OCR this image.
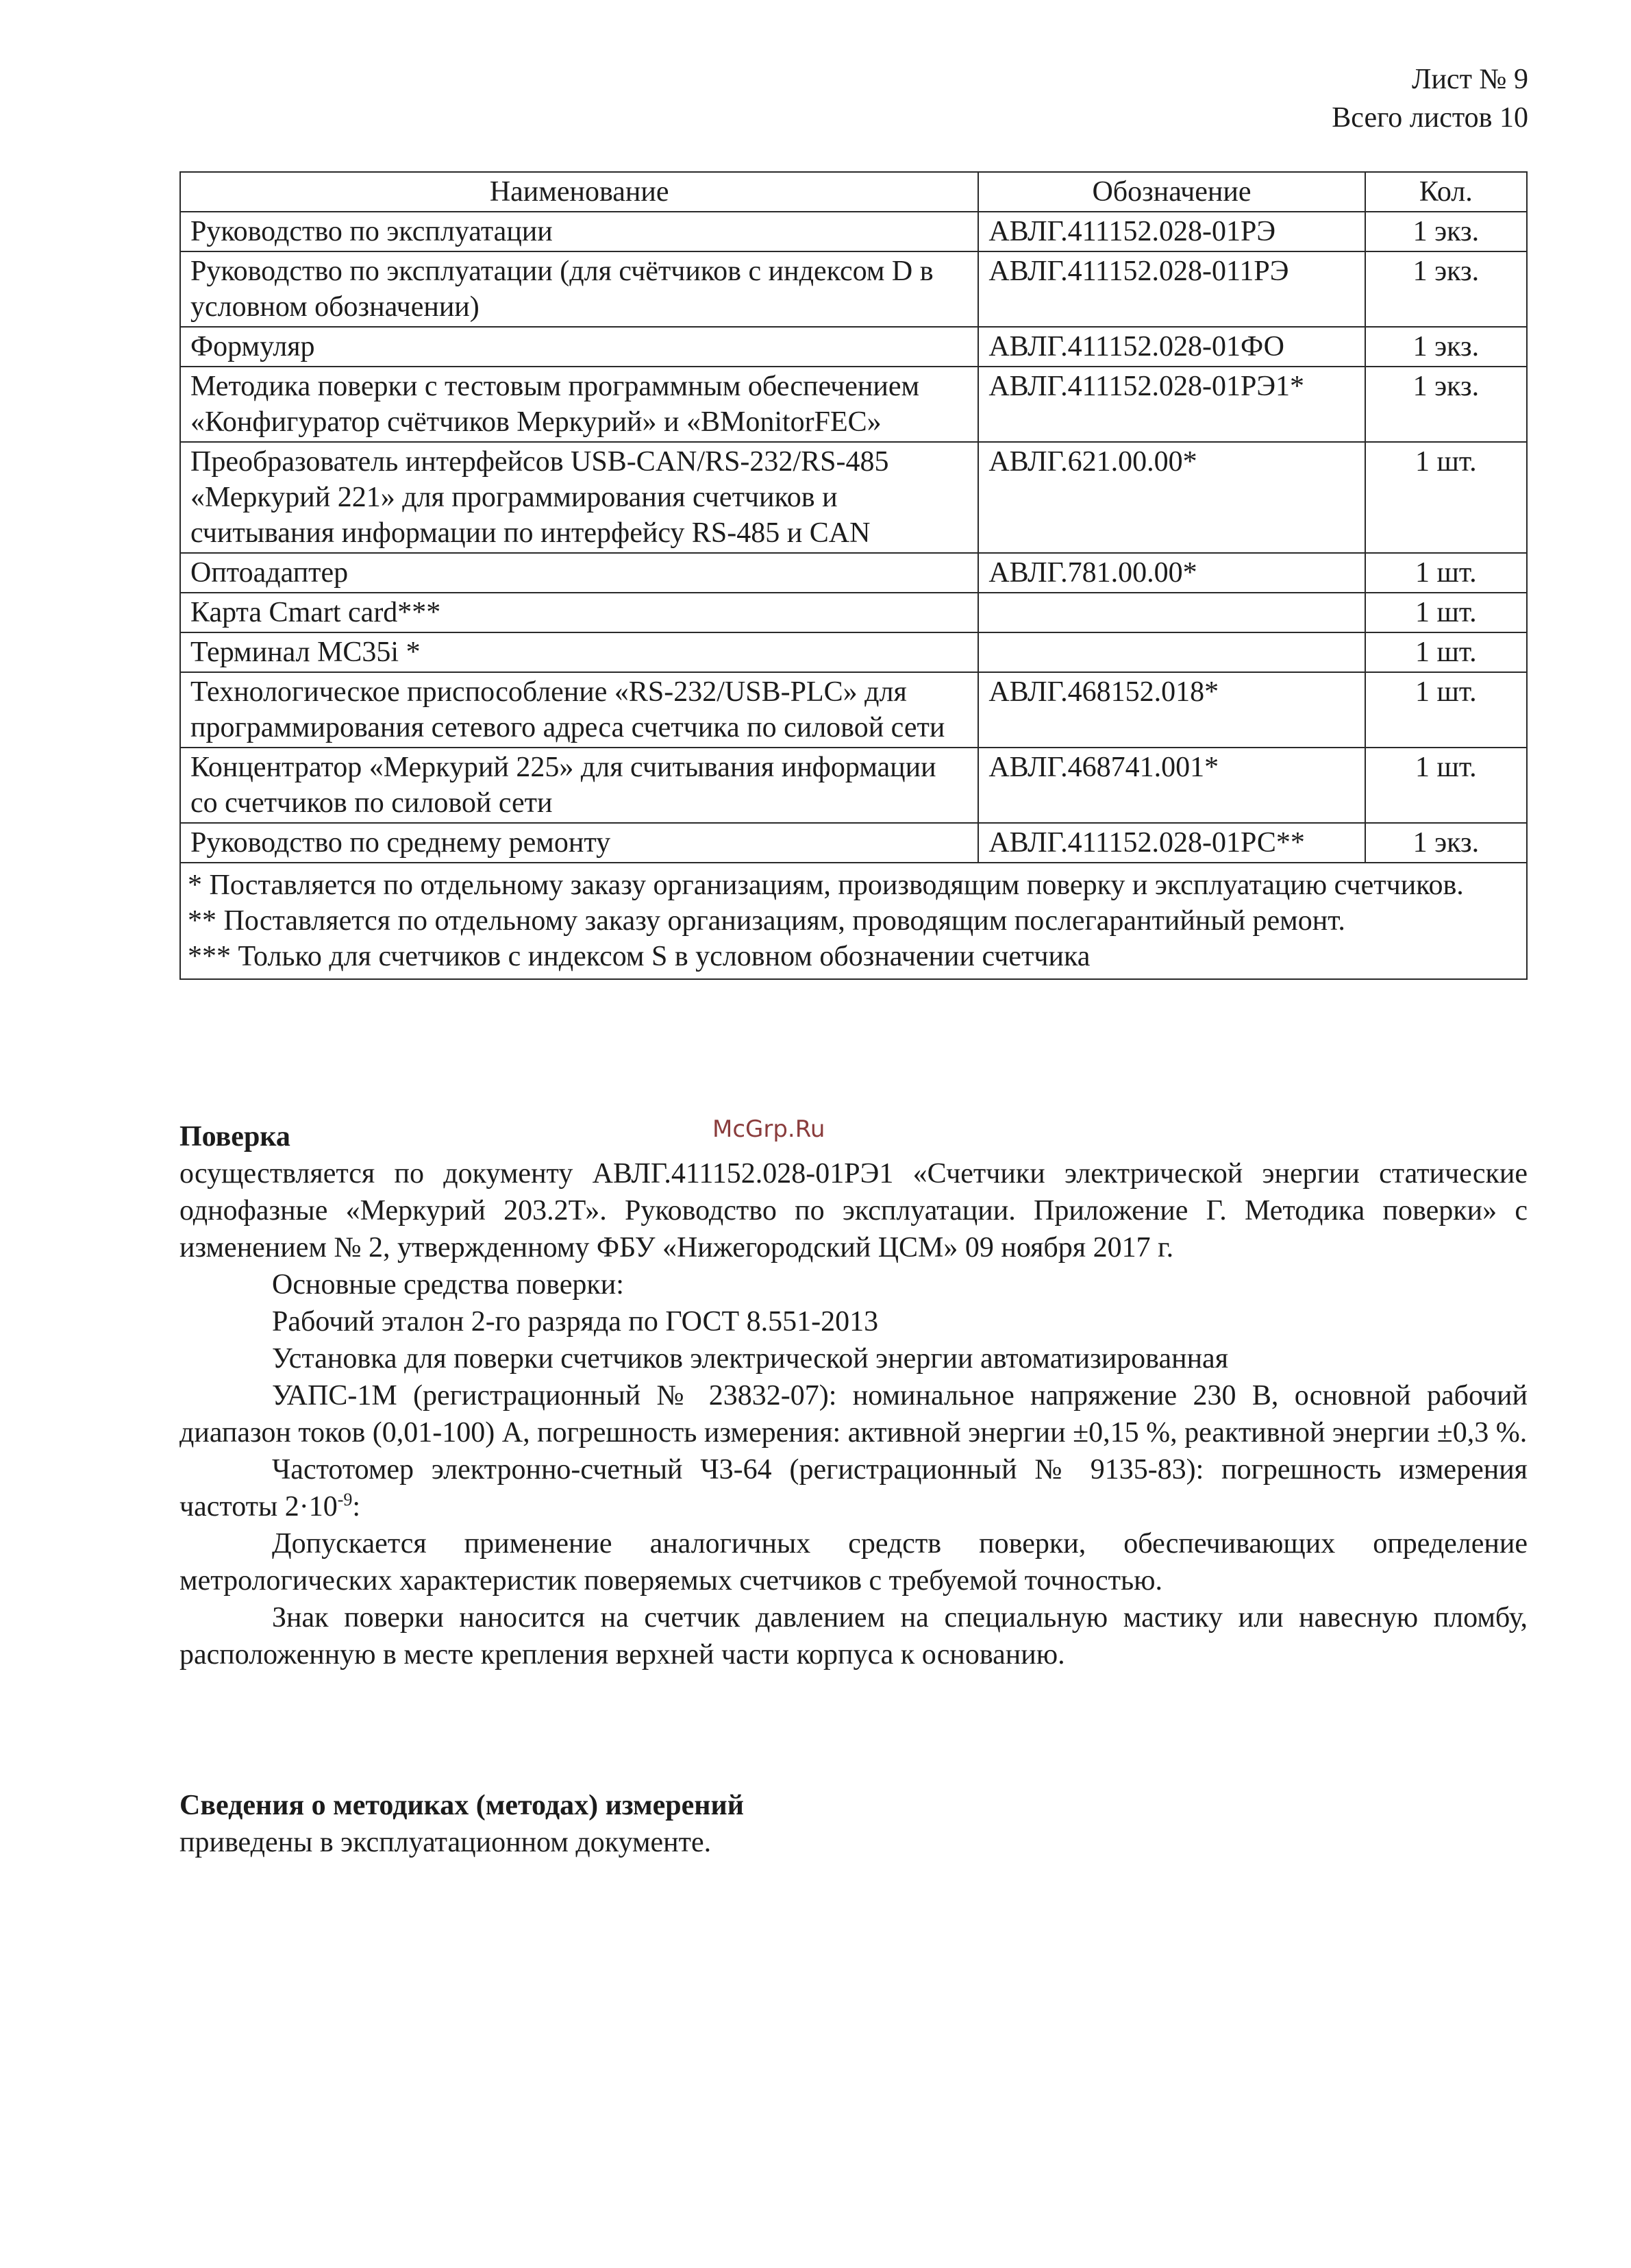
Лист № 9
Всего листов 10
Наименование	Обозначение	Кол.
Руководство по эксплуатации	АВЛГ.411152.028-01РЭ	1 экз.
Руководство по эксплуатации (для счётчиков с индексом D в условном обозначении)	АВЛГ.411152.028-011РЭ	1 экз.
Формуляр	АВЛГ.411152.028-01ФО	1 экз.
Методика поверки с тестовым программным обеспечением «Конфигуратор счётчиков Меркурий» и «BMonitorFEC»	АВЛГ.411152.028-01РЭ1*	1 экз.
Преобразователь интерфейсов USB-CAN/RS-232/RS-485 «Меркурий 221» для программирования счетчиков и считывания информации по интерфейсу RS-485 и CAN	АВЛГ.621.00.00*	1 шт.
Оптоадаптер	АВЛГ.781.00.00*	1 шт.
Карта Cmart card***		1 шт.
Терминал MC35i *		1 шт.
Технологическое приспособление «RS-232/USB-PLC» для программирования сетевого адреса счетчика по силовой сети	АВЛГ.468152.018*	1 шт.
Концентратор «Меркурий 225» для считывания информации со счетчиков по силовой сети	АВЛГ.468741.001*	1 шт.
Руководство по среднему ремонту	АВЛГ.411152.028-01РС**	1 экз.

* Поставляется по отдельному заказу организациям, производящим поверку и эксплуатацию счетчиков.
** Поставляется по отдельному заказу организациям, проводящим послегарантийный ремонт.
*** Только для счетчиков с индексом S в условном обозначении счетчика		
Поверка
осуществляется по документу АВЛГ.411152.028-01РЭ1 «Счетчики электрической энергии статические однофазные «Меркурий 203.2Т». Руководство по эксплуатации. Приложение Г. Методика поверки» с изменением № 2, утвержденному ФБУ «Нижегородский ЦСМ» 09 ноября 2017 г.
Основные средства поверки:
Рабочий эталон 2-го разряда по ГОСТ 8.551-2013
Установка для поверки счетчиков электрической энергии автоматизированная
УАПС-1М (регистрационный № 23832-07): номинальное напряжение 230 В, основной рабочий диапазон токов (0,01-100) А, погрешность измерения: активной энергии ±0,15 %, реактивной энергии ±0,3 %.
Частотомер электронно-счетный Ч3-64 (регистрационный № 9135-83): погрешность измерения частоты $2\cdot 10^{-9}$:
Допускается применение аналогичных средств поверки, обеспечивающих определение метрологических характеристик поверяемых счетчиков с требуемой точностью.
Знак поверки наносится на счетчик давлением на специальную мастику или навесную пломбу, расположенную в месте крепления верхней части корпуса к основанию.
Сведения о методиках (методах) измерений
приведены в эксплуатационном документе.
McGrp.Ru
